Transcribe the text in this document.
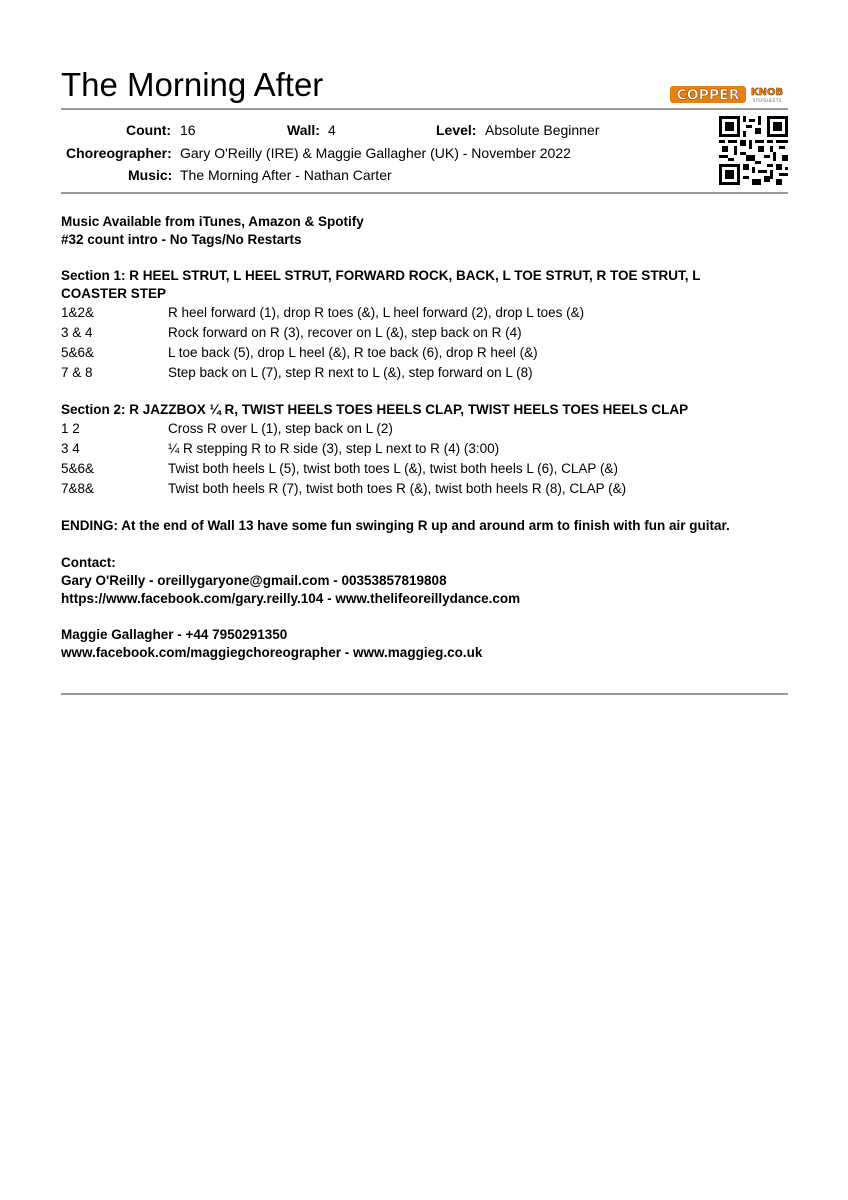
The Morning After	COPPER KNOB
STEPSHEETS
Count: 16	Wall: 4	Level: Absolute Beginner
Choreographer: Gary O'Reilly (IRE) & Maggie Gallagher (UK) - November 2022
Music: The Morning After - Nathan Carter
Music Available from iTunes, Amazon & Spotify
#32 count intro - No Tags/No Restarts
Section 1: R HEEL STRUT, L HEEL STRUT, FORWARD ROCK, BACK, L TOE STRUT, R TOE STRUT, L
COASTER STEP
1&2&	R heel forward (1), drop R toes (&), L heel forward (2), drop L toes (&)
3 & 4	Rock forward on R (3), recover on L (&), step back on R (4)
5&6&	L toe back (5), drop L heel (&), R toe back (6), drop R heel (&)
7 & 8	Step back on L (7), step R next to L (&), step forward on L (8)
Section 2: R JAZZBOX ¼ R, TWIST HEELS TOES HEELS CLAP, TWIST HEELS TOES HEELS CLAP
1 2	Cross R over L (1), step back on L (2)
3 4	¼ R stepping R to R side (3), step L next to R (4) (3:00)
5&6&	Twist both heels L (5), twist both toes L (&), twist both heels L (6), CLAP (&)
7&8&	Twist both heels R (7), twist both toes R (&), twist both heels R (8), CLAP (&)
ENDING: At the end of Wall 13 have some fun swinging R up and around arm to finish with fun air guitar.
Contact:
Gary O'Reilly - oreillygaryone@gmail.com - 00353857819808
https://www.facebook.com/gary.reilly.104 - www.thelifeoreillydance.com
Maggie Gallagher - +44 7950291350
www.facebook.com/maggiegchoreographer - www.maggieg.co.uk
